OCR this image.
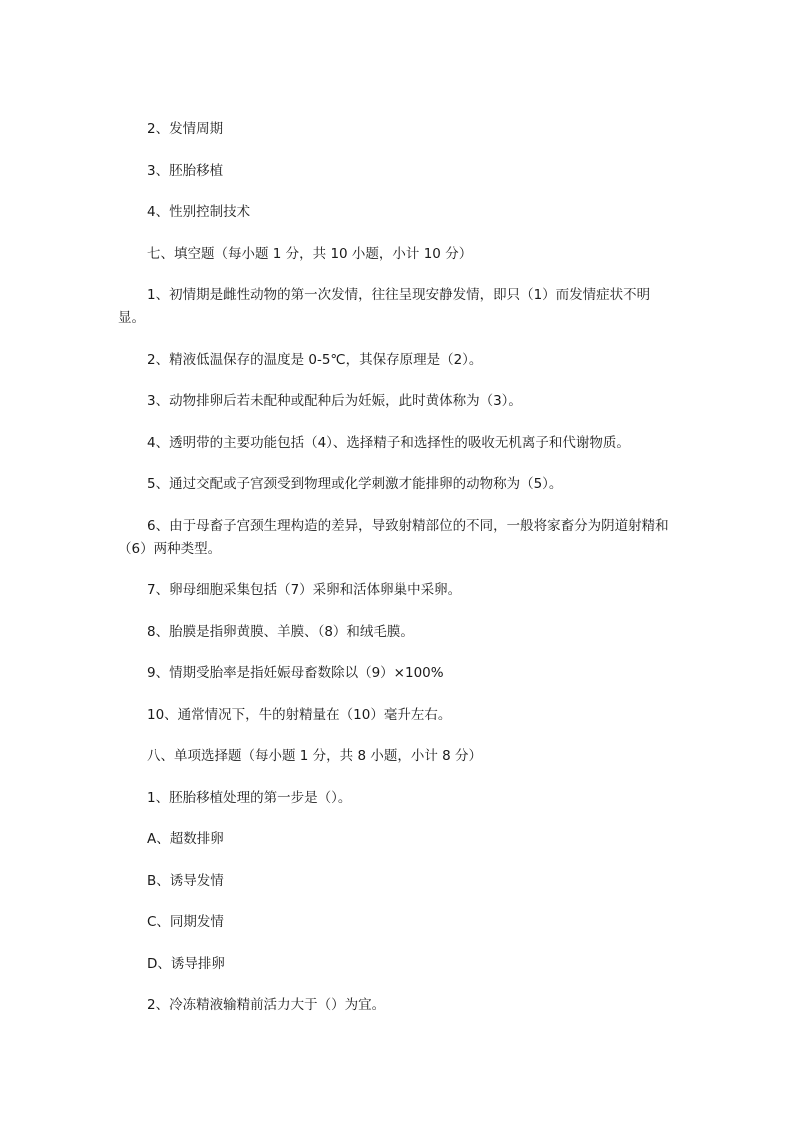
2、发情周期

3、胚胎移植

4、性别控制技术

七、填空题（每小题 1 分，共 10 小题，小计 10 分）

1、初情期是雌性动物的第一次发情，往往呈现安静发情，即只（1）而发情症状不明显。

2、精液低温保存的温度是 0-5℃，其保存原理是（2）。

3、动物排卵后若未配种或配种后为妊娠，此时黄体称为（3）。

4、透明带的主要功能包括（4）、选择精子和选择性的吸收无机离子和代谢物质。

5、通过交配或子宫颈受到物理或化学刺激才能排卵的动物称为（5）。

6、由于母畜子宫颈生理构造的差异，导致射精部位的不同，一般将家畜分为阴道射精和（6）两种类型。

7、卵母细胞采集包括（7）采卵和活体卵巢中采卵。

8、胎膜是指卵黄膜、羊膜、（8）和绒毛膜。

9、情期受胎率是指妊娠母畜数除以（9）×100%

10、通常情况下，牛的射精量在（10）毫升左右。

八、单项选择题（每小题 1 分，共 8 小题，小计 8 分）

1、胚胎移植处理的第一步是（）。

A、超数排卵

B、诱导发情

C、同期发情

D、诱导排卵

2、冷冻精液输精前活力大于（）为宜。
